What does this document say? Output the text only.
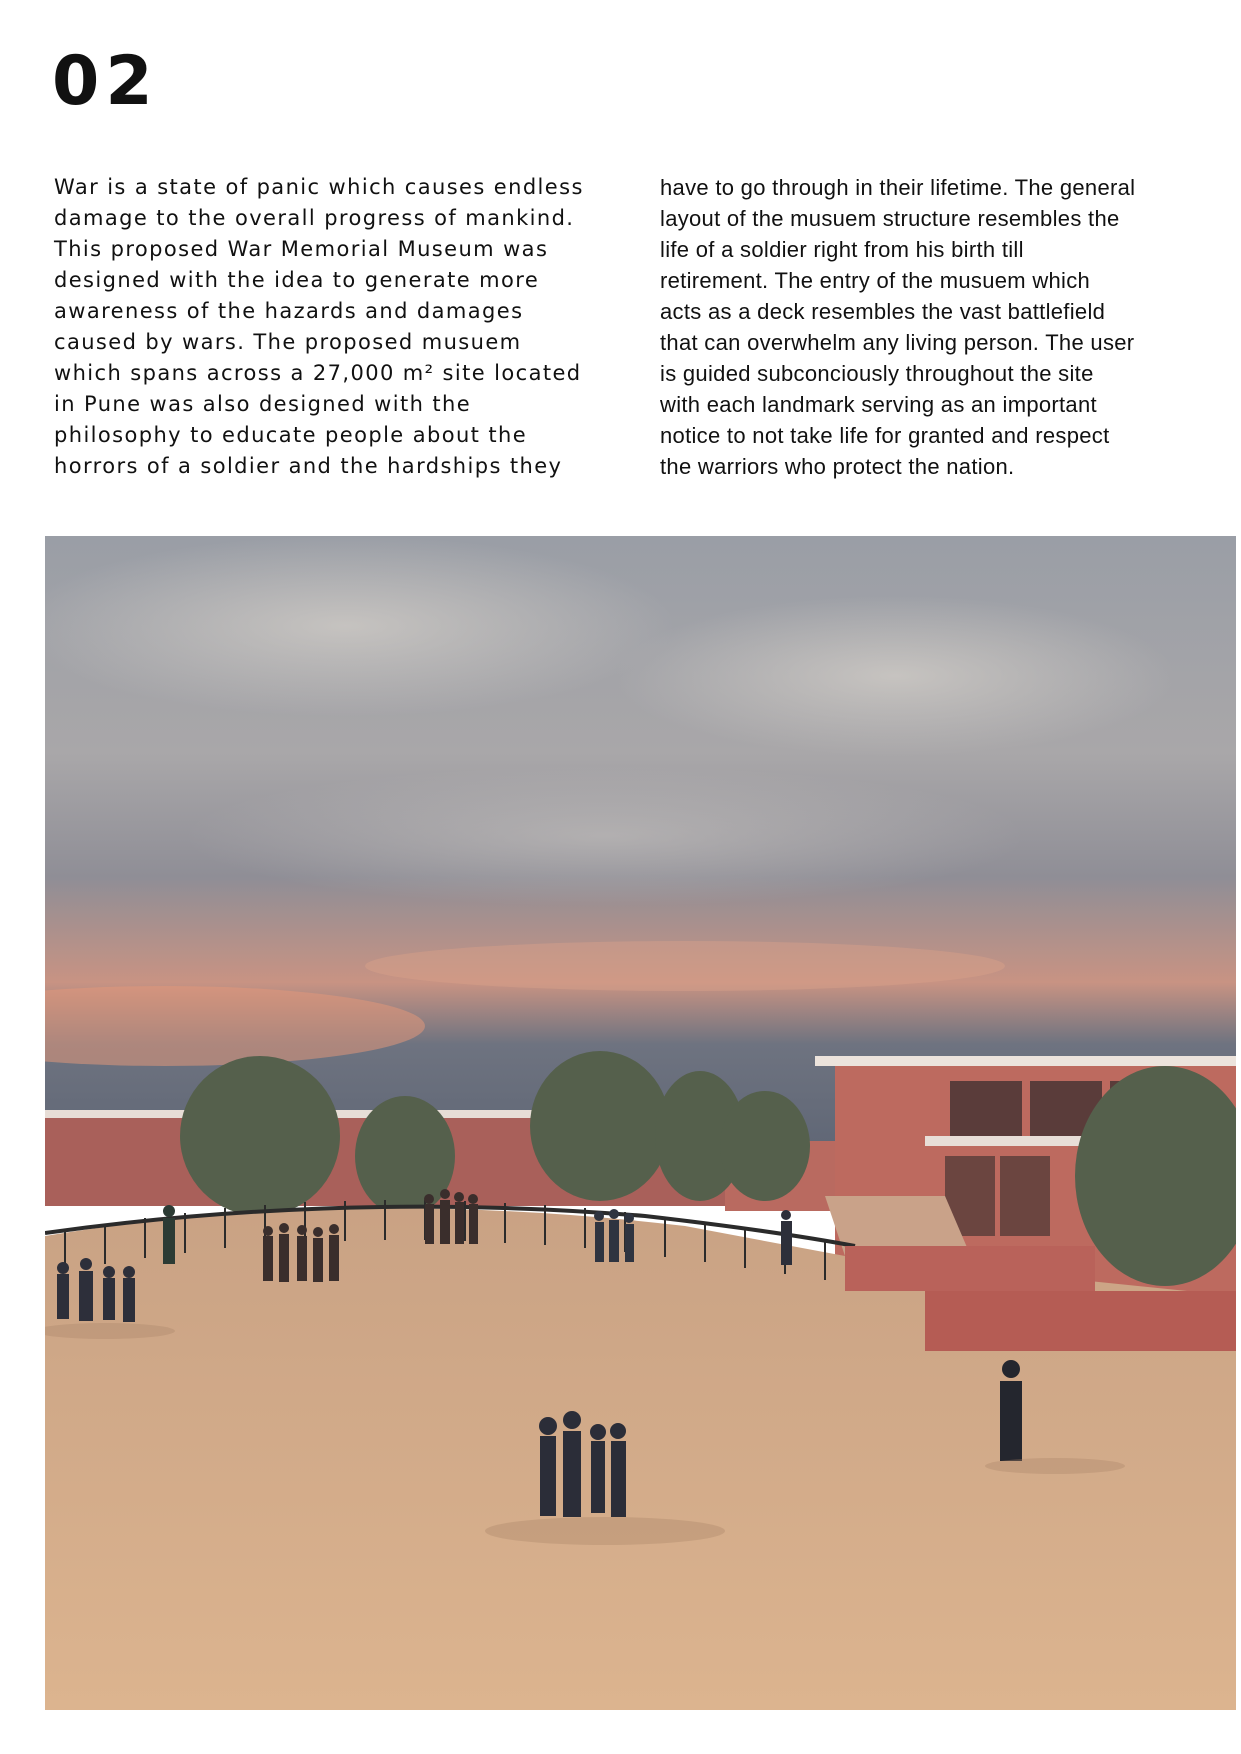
02

War is a state of panic which causes endless

damage to the overall progress of mankind.

This proposed War Memorial Museum was

designed with the idea to generate more

awareness of the hazards and damages

caused by wars. The proposed musuem

which spans across a 27,000 m² site located

in Pune was also designed with the

philosophy to educate people about the

horrors of a soldier and the hardships they

have to go through in their lifetime. The general

layout of the musuem structure resembles the

life of a soldier right from his birth till

retirement. The entry of the musuem which

acts as a deck resembles the vast battlefield

that can overwhelm any living person. The user

is guided subconciously throughout the site

with each landmark serving as an important

notice to not take life for granted and respect

the warriors who protect the nation.
